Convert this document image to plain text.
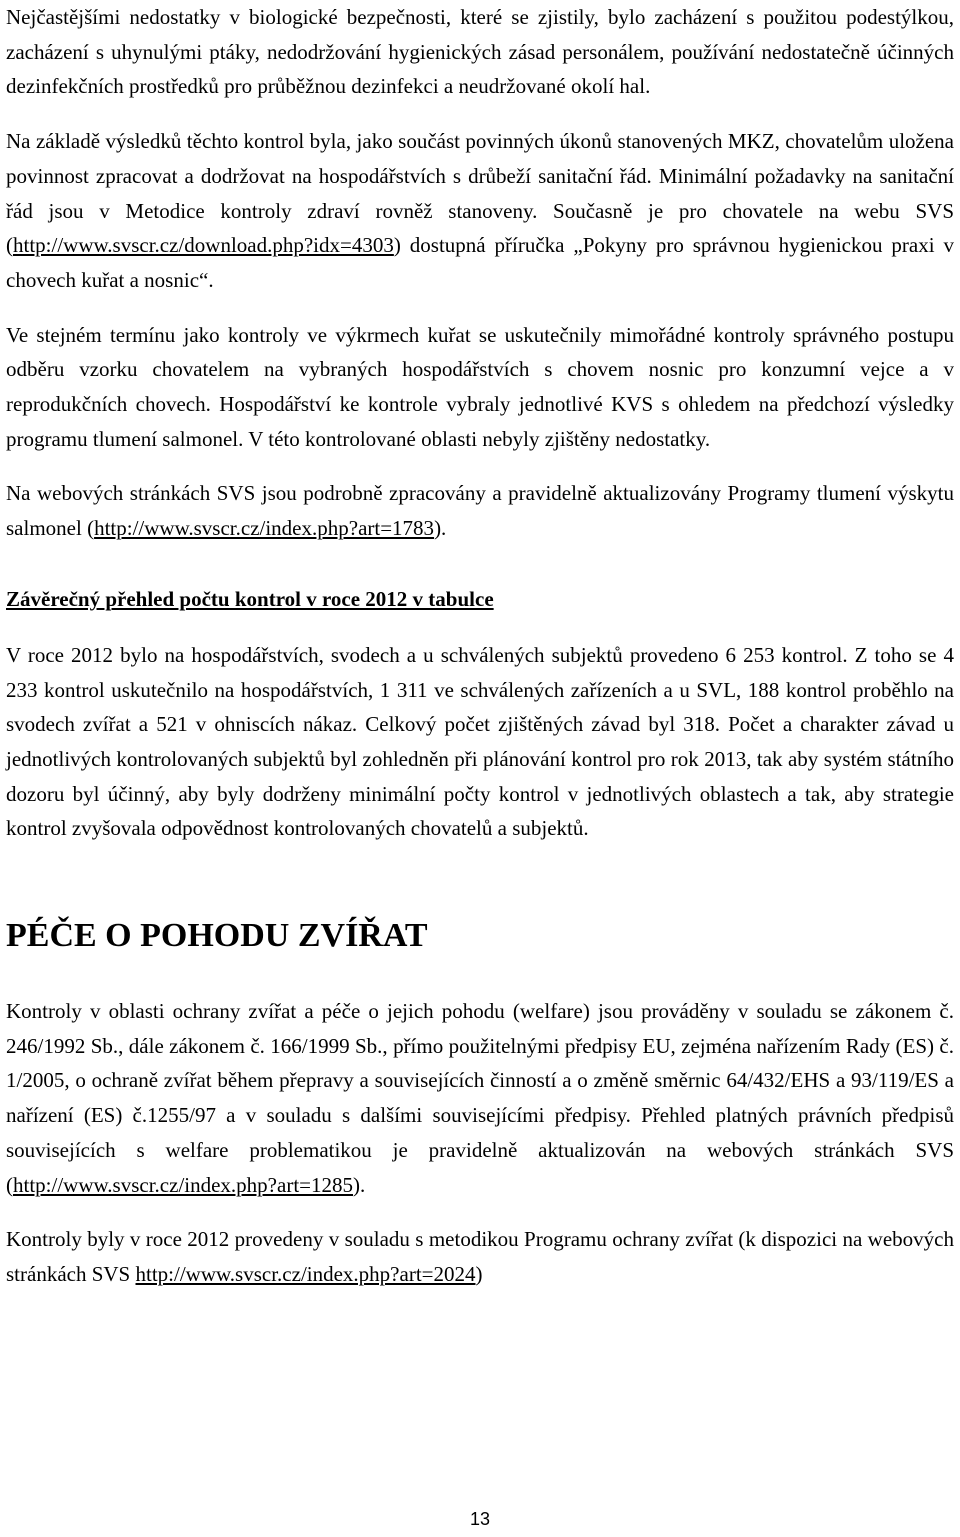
Nejčastějšími nedostatky v biologické bezpečnosti, které se zjistily, bylo zacházení s použitou podestýlkou, zacházení s uhynulými ptáky, nedodržování hygienických zásad personálem, používání nedostatečně účinných dezinfekčních prostředků pro průběžnou dezinfekci a neudržované okolí hal.

Na základě výsledků těchto kontrol byla, jako součást povinných úkonů stanovených MKZ, chovatelům uložena povinnost zpracovat a dodržovat na hospodářstvích s drůbeží sanitační řád. Minimální požadavky na sanitační řád jsou v Metodice kontroly zdraví rovněž stanoveny. Současně je pro chovatele na webu SVS (http://www.svscr.cz/download.php?idx=4303) dostupná příručka „Pokyny pro správnou hygienickou praxi v chovech kuřat a nosnic“.

Ve stejném termínu jako kontroly ve výkrmech kuřat se uskutečnily mimořádné kontroly správného postupu odběru vzorku chovatelem na vybraných hospodářstvích s chovem nosnic pro konzumní vejce a v reprodukčních chovech. Hospodářství ke kontrole vybraly jednotlivé KVS s ohledem na předchozí výsledky programu tlumení salmonel. V této kontrolované oblasti nebyly zjištěny nedostatky.

Na webových stránkách SVS jsou podrobně zpracovány a pravidelně aktualizovány Programy tlumení výskytu salmonel (http://www.svscr.cz/index.php?art=1783).

Závěrečný přehled počtu kontrol v roce 2012 v tabulce

V roce 2012 bylo na hospodářstvích, svodech a u schválených subjektů provedeno 6 253 kontrol. Z toho se 4 233 kontrol uskutečnilo na hospodářstvích, 1 311 ve schválených zařízeních a u SVL, 188 kontrol proběhlo na svodech zvířat a 521 v ohniscích nákaz. Celkový počet zjištěných závad byl 318. Počet a charakter závad u jednotlivých kontrolovaných subjektů byl zohledněn při plánování kontrol pro rok 2013, tak aby systém státního dozoru byl účinný, aby byly dodrženy minimální počty kontrol v jednotlivých oblastech a tak, aby strategie kontrol zvyšovala odpovědnost kontrolovaných chovatelů a subjektů.

PÉČE O POHODU ZVÍŘAT

Kontroly v oblasti ochrany zvířat a péče o jejich pohodu (welfare) jsou prováděny v souladu se zákonem č. 246/1992 Sb., dále zákonem č. 166/1999 Sb., přímo použitelnými předpisy EU, zejména nařízením Rady (ES) č. 1/2005, o ochraně zvířat během přepravy a souvisejících činností a o změně směrnic 64/432/EHS a 93/119/ES a nařízení (ES) č.1255/97 a v souladu s dalšími souvisejícími předpisy. Přehled platných právních předpisů souvisejících s welfare problematikou je pravidelně aktualizován na webových stránkách SVS (http://www.svscr.cz/index.php?art=1285).

Kontroly byly v roce 2012 provedeny v souladu s metodikou Programu ochrany zvířat (k dispozici na webových stránkách SVS http://www.svscr.cz/index.php?art=2024)

13
